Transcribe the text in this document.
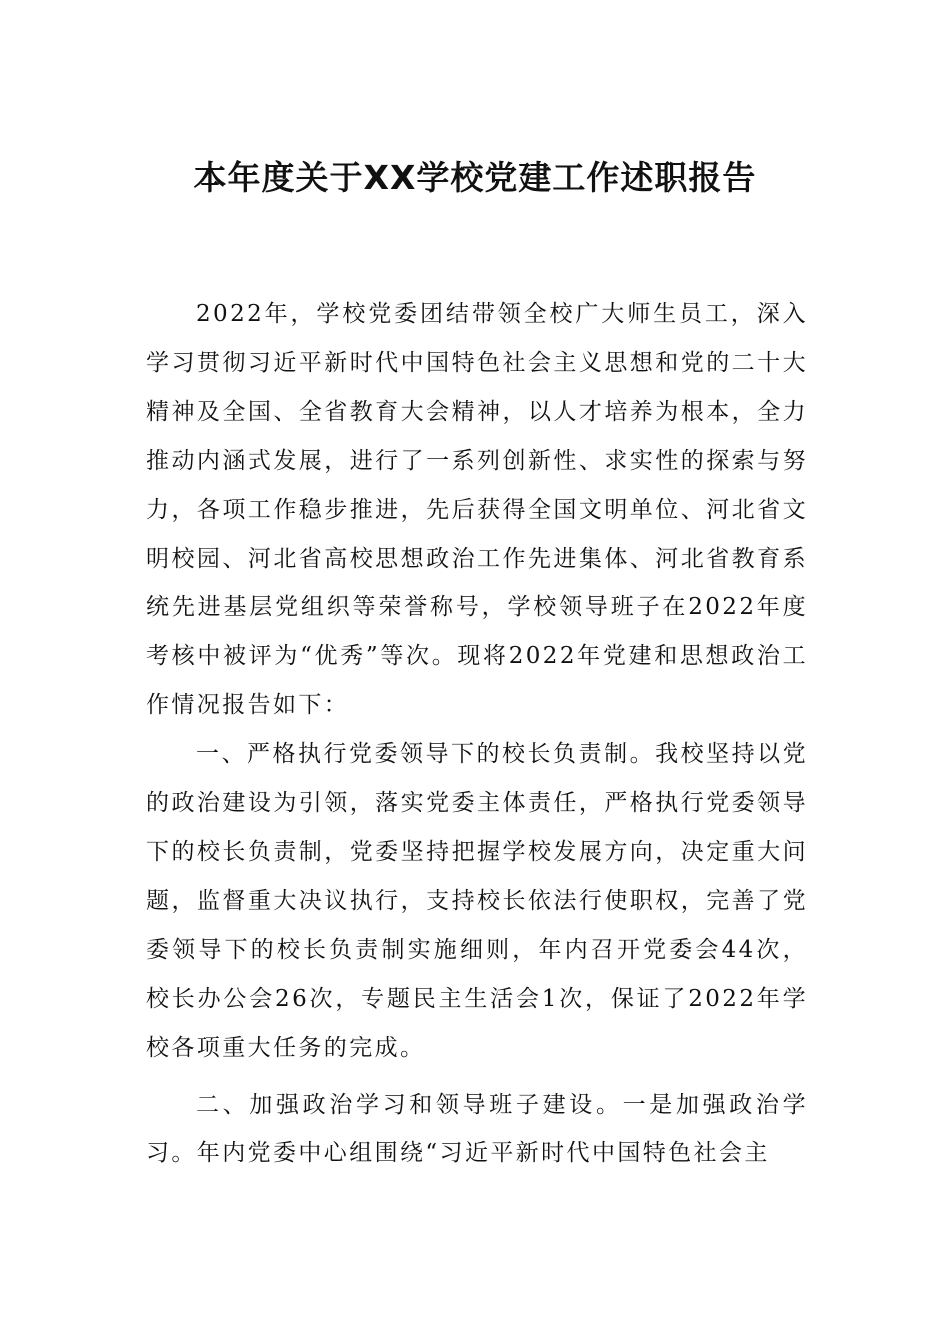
本年度关于XX学校党建工作述职报告

2022年，学校党委团结带领全校广大师生员工，深入学习贯彻习近平新时代中国特色社会主义思想和党的二十大精神及全国、全省教育大会精神，以人才培养为根本，全力推动内涵式发展，进行了一系列创新性、求实性的探索与努力，各项工作稳步推进，先后获得全国文明单位、河北省文明校园、河北省高校思想政治工作先进集体、河北省教育系统先进基层党组织等荣誉称号，学校领导班子在2022年度考核中被评为“优秀”等次。现将2022年党建和思想政治工作情况报告如下：

一、严格执行党委领导下的校长负责制。我校坚持以党的政治建设为引领，落实党委主体责任，严格执行党委领导下的校长负责制，党委坚持把握学校发展方向，决定重大问题，监督重大决议执行，支持校长依法行使职权，完善了党委领导下的校长负责制实施细则，年内召开党委会44次，校长办公会26次，专题民主生活会1次，保证了2022年学校各项重大任务的完成。

二、加强政治学习和领导班子建设。一是加强政治学习。年内党委中心组围绕“习近平新时代中国特色社会主
